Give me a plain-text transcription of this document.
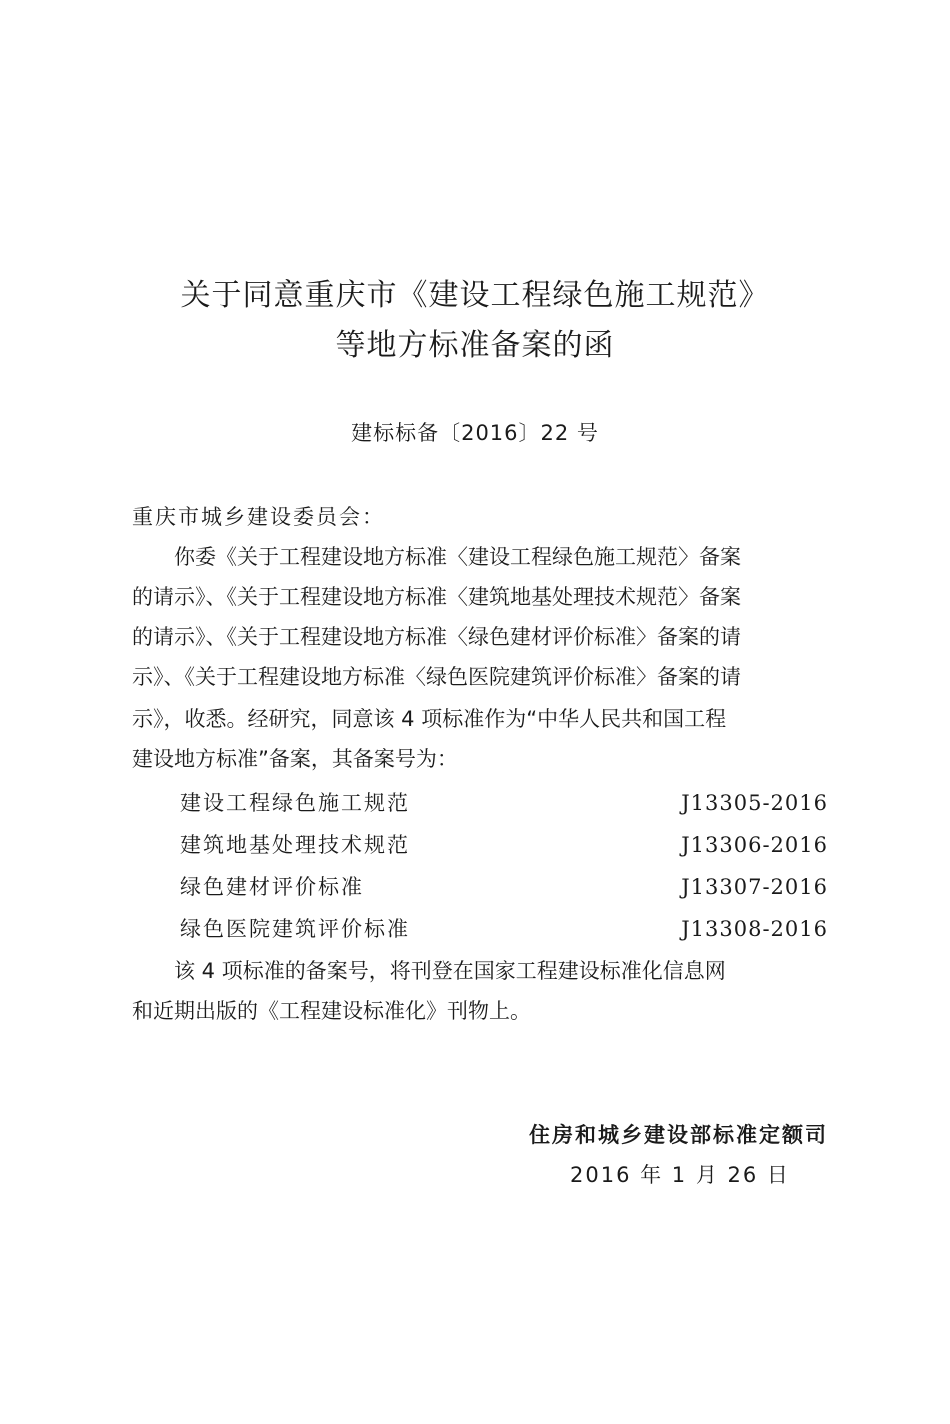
关于同意重庆市《建设工程绿色施工规范》
等地方标准备案的函
建标标备〔2016〕22 号
重庆市城乡建设委员会：
　　你委《关于工程建设地方标准〈建设工程绿色施工规范〉备案
的请示》、《关于工程建设地方标准〈建筑地基处理技术规范〉备案
的请示》、《关于工程建设地方标准〈绿色建材评价标准〉备案的请
示》、《关于工程建设地方标准〈绿色医院建筑评价标准〉备案的请
示》，收悉。经研究，同意该 4 项标准作为“中华人民共和国工程
建设地方标准”备案，其备案号为：
建设工程绿色施工规范	J13305-2016
建筑地基处理技术规范	J13306-2016
绿色建材评价标准	J13307-2016
绿色医院建筑评价标准	J13308-2016
　　该 4 项标准的备案号，将刊登在国家工程建设标准化信息网
和近期出版的《工程建设标准化》刊物上。
住房和城乡建设部标准定额司
2016 年 1 月 26 日
